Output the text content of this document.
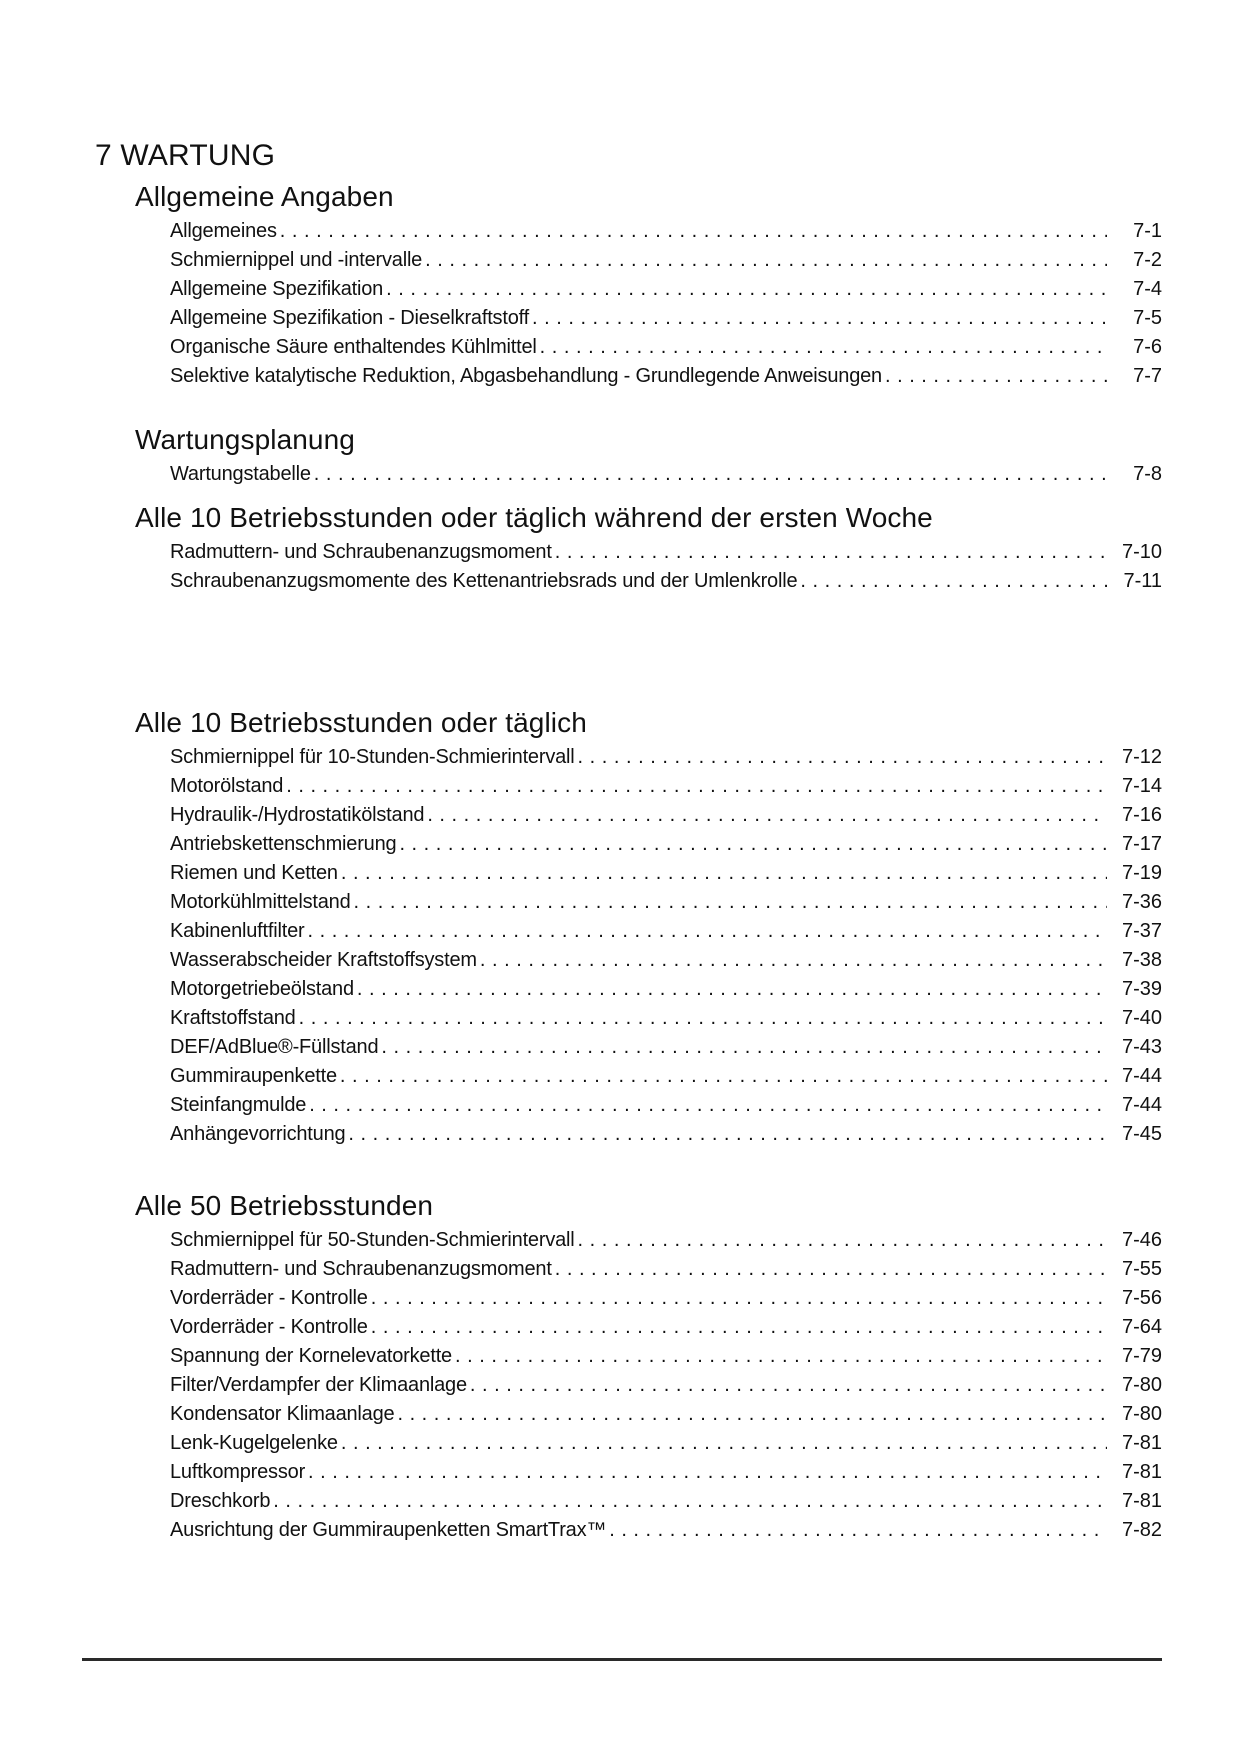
7 WARTUNG
Allgemeine Angaben
Allgemeines . . .	7-1
Schmiernippel und -intervalle . . .	7-2
Allgemeine Spezifikation . . .	7-4
Allgemeine Spezifikation - Dieselkraftstoff . . .	7-5
Organische Säure enthaltendes Kühlmittel . . .	7-6
Selektive katalytische Reduktion, Abgasbehandlung - Grundlegende Anweisungen . . .	7-7
Wartungsplanung
Wartungstabelle . . .	7-8
Alle 10 Betriebsstunden oder täglich während der ersten Woche
Radmuttern- und Schraubenanzugsmoment . . .	7-10
Schraubenanzugsmomente des Kettenantriebsrads und der Umlenkrolle . . .	7-11
Alle 10 Betriebsstunden oder täglich
Schmiernippel für 10-Stunden-Schmierintervall . . .	7-12
Motorölstand . . .	7-14
Hydraulik-/Hydrostatikölstand . . .	7-16
Antriebskettenschmierung . . .	7-17
Riemen und Ketten . . .	7-19
Motorkühlmittelstand . . .	7-36
Kabinenluftfilter . . .	7-37
Wasserabscheider Kraftstoffsystem . . .	7-38
Motorgetriebeölstand . . .	7-39
Kraftstoffstand . . .	7-40
DEF/AdBlue®-Füllstand . . .	7-43
Gummiraupenkette . . .	7-44
Steinfangmulde . . .	7-44
Anhängevorrichtung . . .	7-45
Alle 50 Betriebsstunden
Schmiernippel für 50-Stunden-Schmierintervall . . .	7-46
Radmuttern- und Schraubenanzugsmoment . . .	7-55
Vorderräder - Kontrolle . . .	7-56
Vorderräder - Kontrolle . . .	7-64
Spannung der Kornelevatorkette . . .	7-79
Filter/Verdampfer der Klimaanlage . . .	7-80
Kondensator Klimaanlage . . .	7-80
Lenk-Kugelgelenke . . .	7-81
Luftkompressor . . .	7-81
Dreschkorb . . .	7-81
Ausrichtung der Gummiraupenketten SmartTrax™ . . .	7-82
